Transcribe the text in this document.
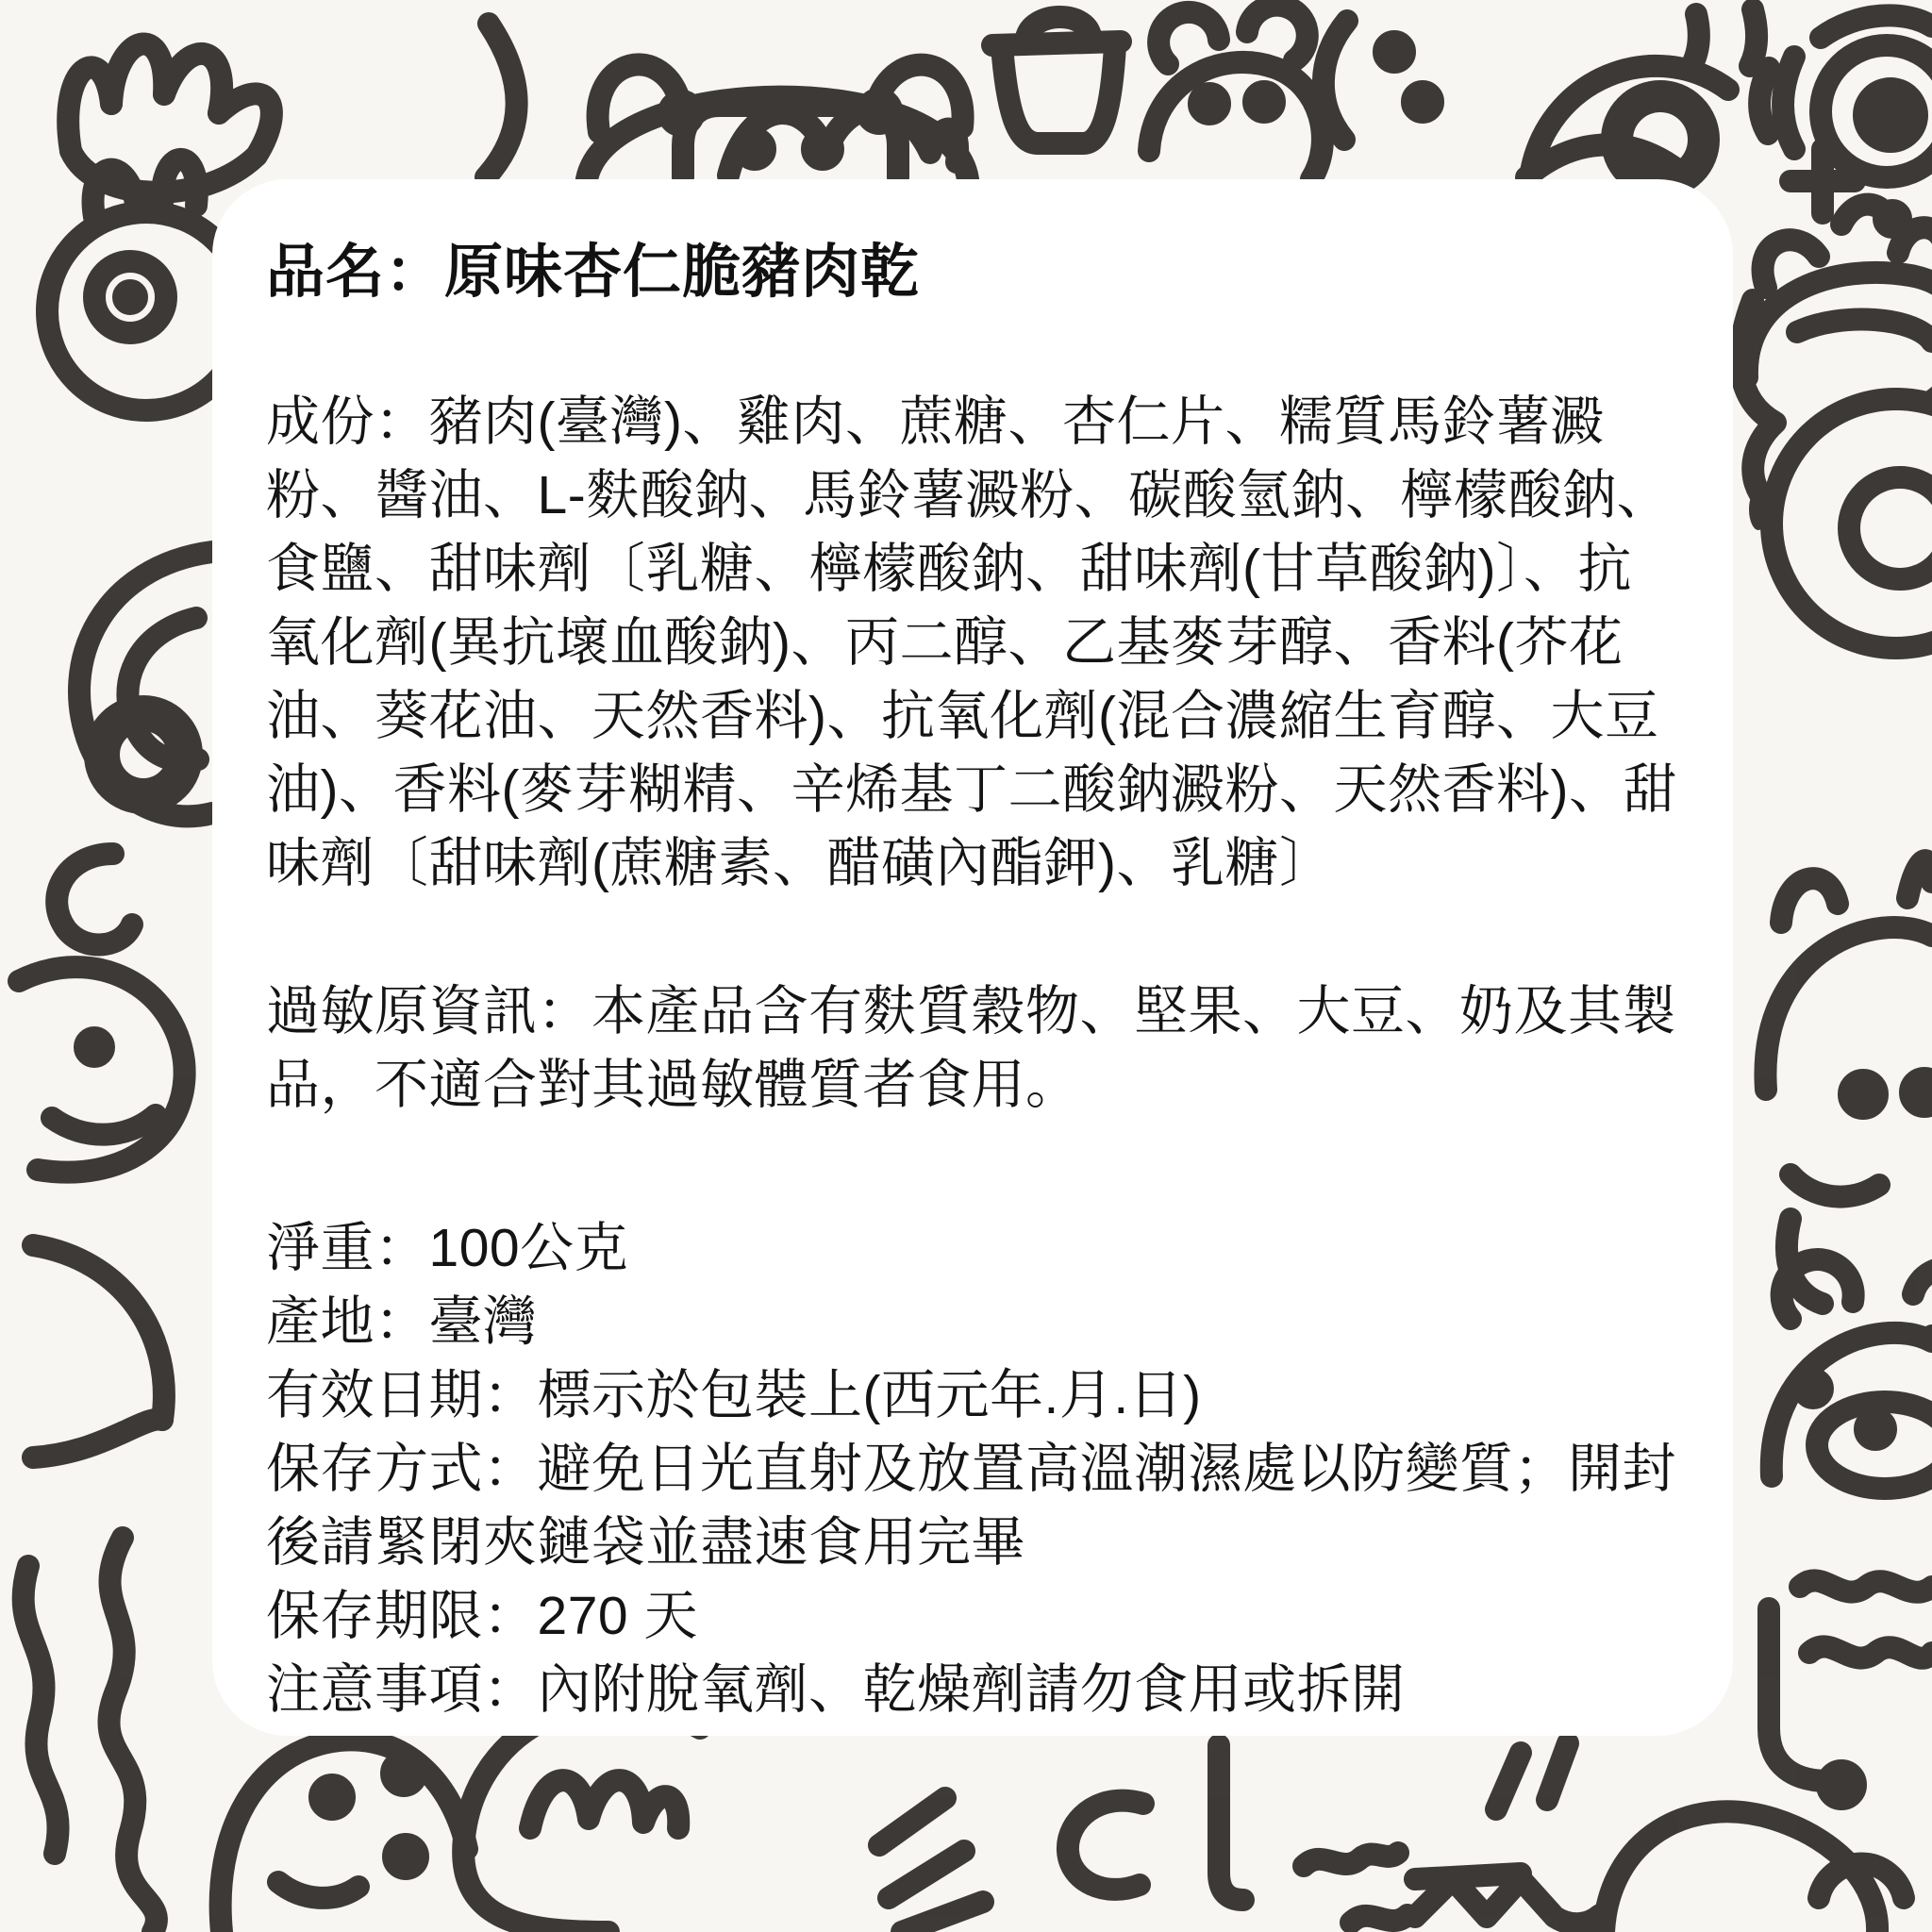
品名：原味杏仁脆豬肉乾
成份：豬肉(臺灣)、雞肉、蔗糖、杏仁片、糯質馬鈴薯澱
粉、醬油、L-麩酸鈉、馬鈴薯澱粉、碳酸氫鈉、檸檬酸鈉、
食鹽、甜味劑〔乳糖、檸檬酸鈉、甜味劑(甘草酸鈉)〕、抗
氧化劑(異抗壞血酸鈉)、丙二醇、乙基麥芽醇、香料(芥花
油、葵花油、天然香料)、抗氧化劑(混合濃縮生育醇、大豆
油)、香料(麥芽糊精、辛烯基丁二酸鈉澱粉、天然香料)、甜
味劑〔甜味劑(蔗糖素、醋磺內酯鉀)、乳糖〕
過敏原資訊：本產品含有麩質穀物、堅果、大豆、奶及其製
品，不適合對其過敏體質者食用。
淨重：100公克
產地：臺灣
有效日期：標示於包裝上(西元年.月.日)
保存方式：避免日光直射及放置高溫潮濕處以防變質；開封
後請緊閉夾鏈袋並盡速食用完畢
保存期限：270 天
注意事項：內附脫氧劑、乾燥劑請勿食用或拆開
